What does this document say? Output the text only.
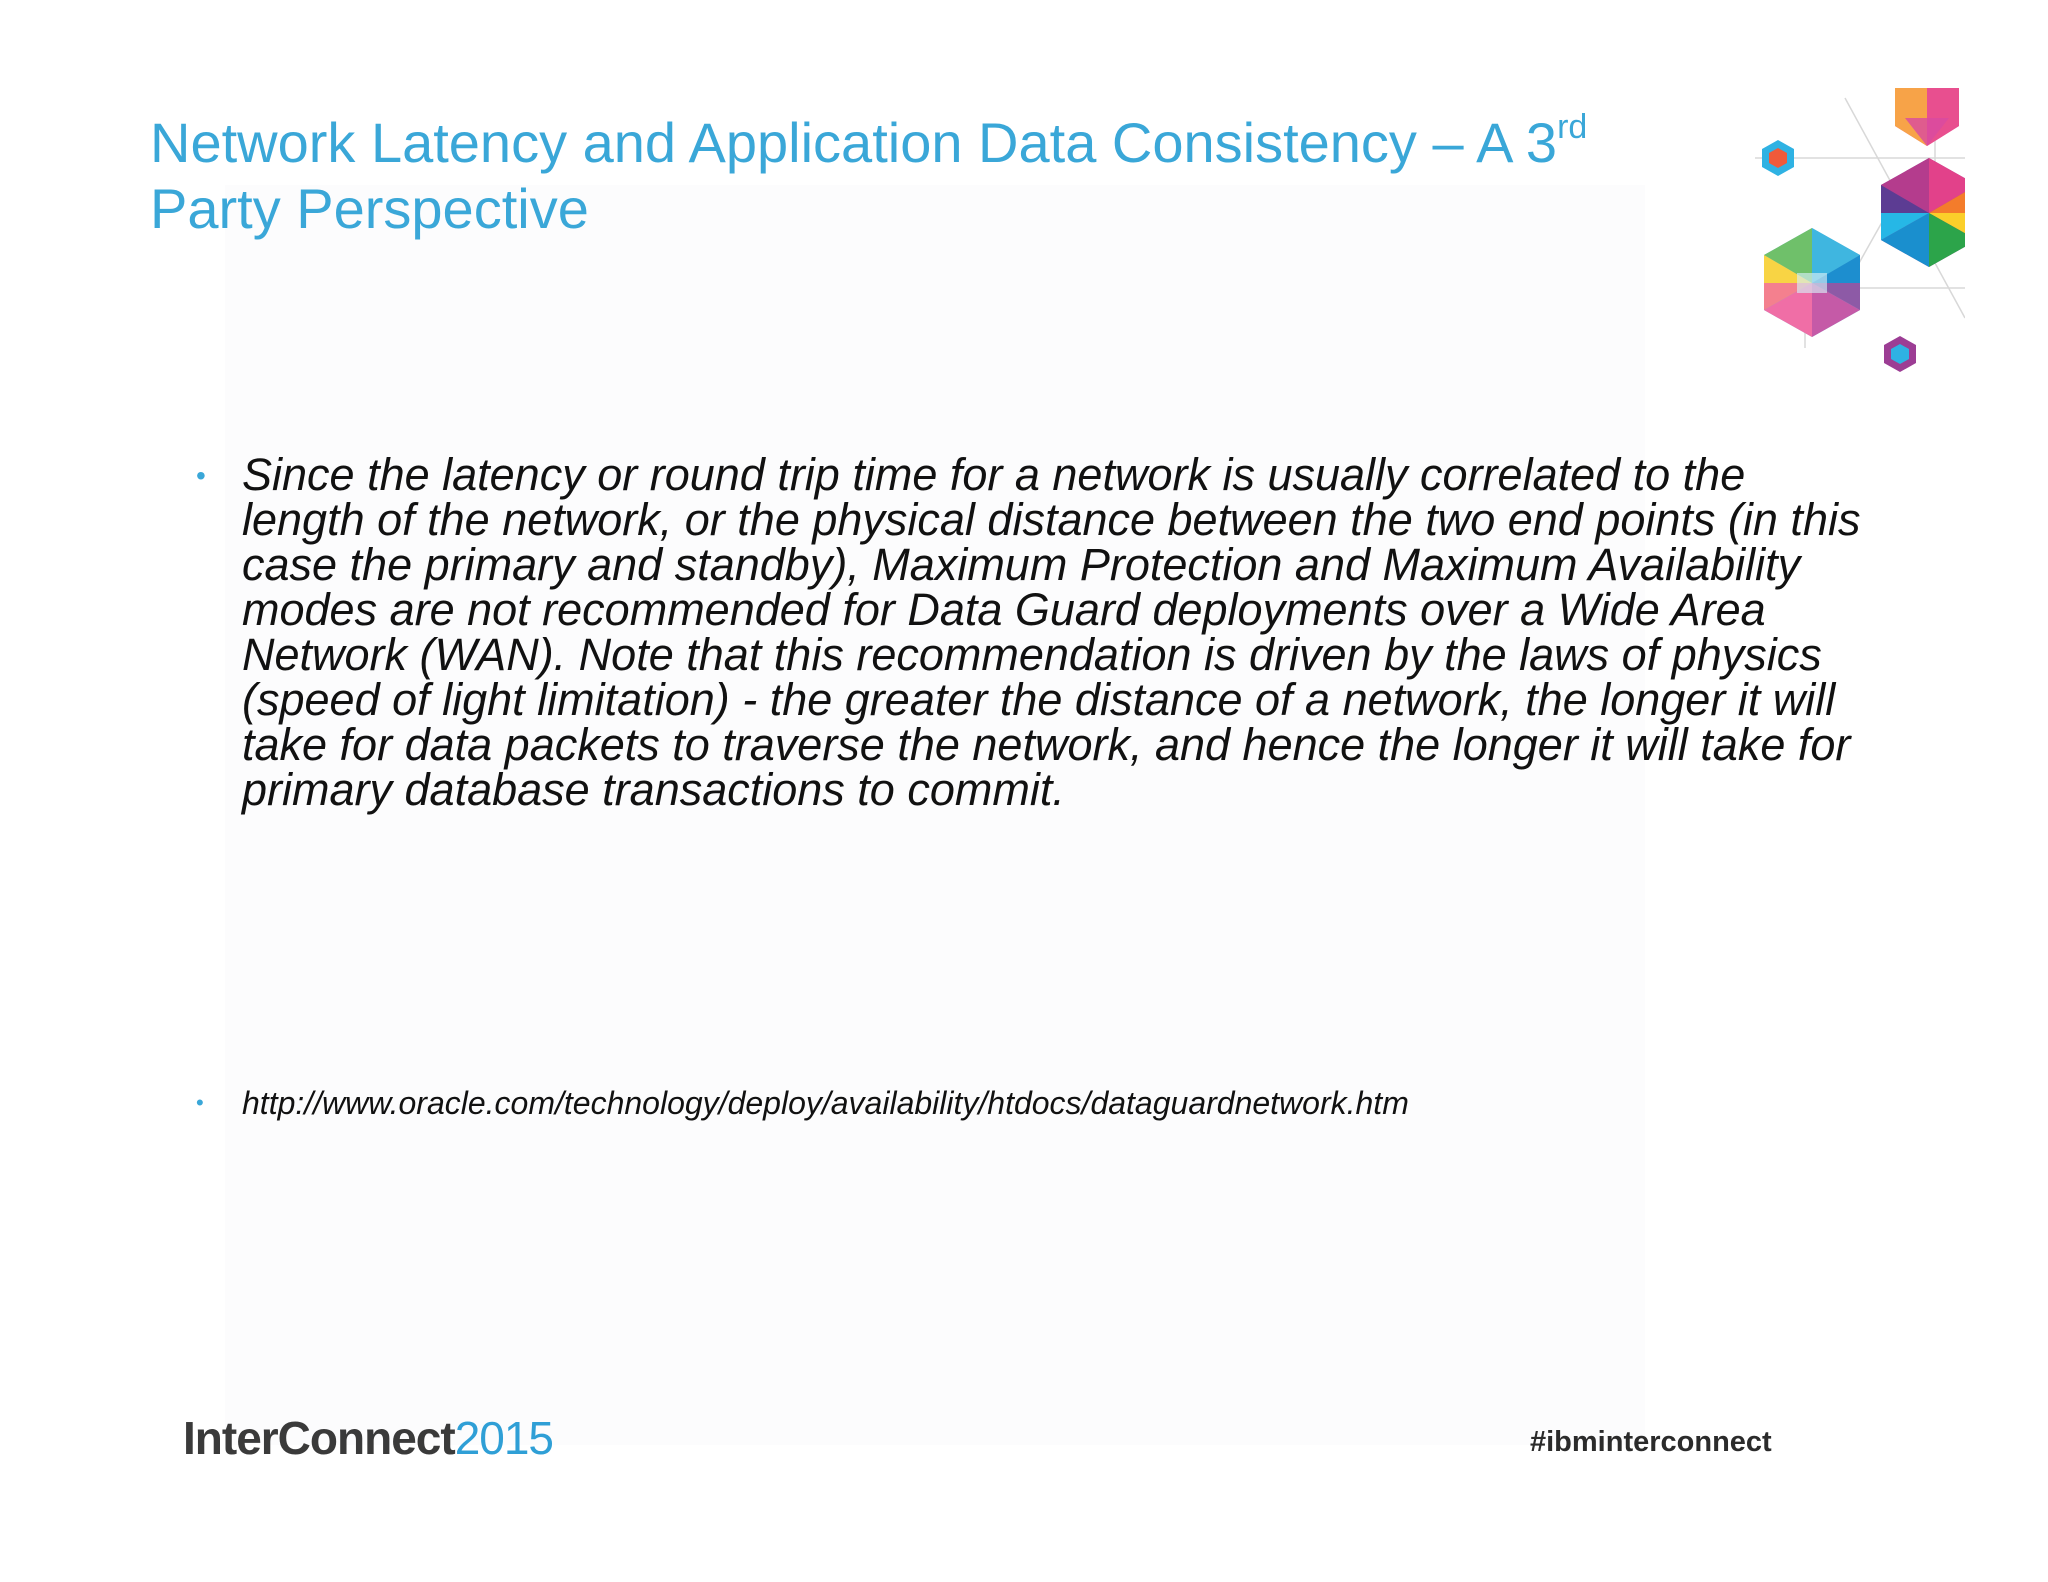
Network Latency and Application Data Consistency – A 3rd
Party Perspective
• Since the latency or round trip time for a network is usually correlated to the length of the network, or the physical distance between the two end points (in this case the primary and standby), Maximum Protection and Maximum Availability modes are not recommended for Data Guard deployments over a Wide Area Network (WAN). Note that this recommendation is driven by the laws of physics (speed of light limitation) - the greater the distance of a network, the longer it will take for data packets to traverse the network, and hence the longer it will take for primary database transactions to commit.

•	http://www.oracle.com/technology/deploy/availability/htdocs/dataguardnetwork.htm

InterConnect2015	#ibminterconnect
